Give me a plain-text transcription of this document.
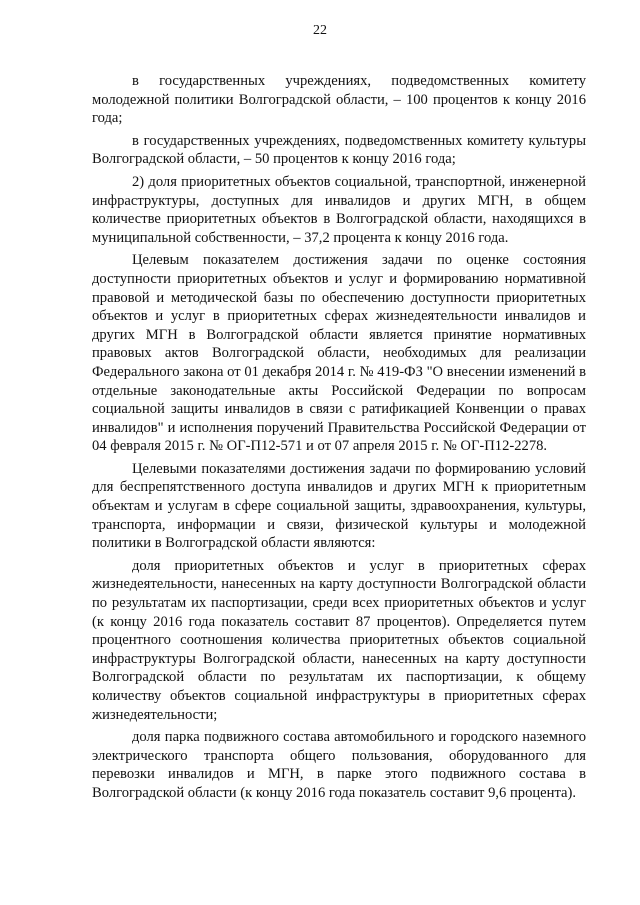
22

в государственных учреждениях, подведомственных комитету молодежной политики Волгоградской области, – 100 процентов к концу 2016 года;

в государственных учреждениях, подведомственных комитету культуры Волгоградской области, – 50 процентов к концу 2016 года;

2) доля приоритетных объектов социальной, транспортной, инженерной инфраструктуры, доступных для инвалидов и других МГН, в общем количестве приоритетных объектов в Волгоградской области, находящихся в муниципальной собственности, – 37,2 процента к концу 2016 года.

Целевым показателем достижения задачи по оценке состояния доступности приоритетных объектов и услуг и формированию нормативной правовой и методической базы по обеспечению доступности приоритетных объектов и услуг в приоритетных сферах жизнедеятельности инвалидов и других МГН в Волгоградской области является принятие нормативных правовых актов Волгоградской области, необходимых для реализации Федерального закона от 01 декабря 2014 г. № 419-ФЗ "О внесении изменений в отдельные законодательные акты Российской Федерации по вопросам социальной защиты инвалидов в связи с ратификацией Конвенции о правах инвалидов" и исполнения поручений Правительства Российской Федерации от 04 февраля 2015 г. № ОГ-П12-571 и от 07 апреля 2015 г. № ОГ-П12-2278.

Целевыми показателями достижения задачи по формированию условий для беспрепятственного доступа инвалидов и других МГН к приоритетным объектам и услугам в сфере социальной защиты, здравоохранения, культуры, транспорта, информации и связи, физической культуры и молодежной политики в Волгоградской области являются:

доля приоритетных объектов и услуг в приоритетных сферах жизнедеятельности, нанесенных на карту доступности Волгоградской области по результатам их паспортизации, среди всех приоритетных объектов и услуг (к концу 2016 года показатель составит 87 процентов). Определяется путем процентного соотношения количества приоритетных объектов социальной инфраструктуры Волгоградской области, нанесенных на карту доступности Волгоградской области по результатам их паспортизации, к общему количеству объектов социальной инфраструктуры в приоритетных сферах жизнедеятельности;

доля парка подвижного состава автомобильного и городского наземного электрического транспорта общего пользования, оборудованного для перевозки инвалидов и МГН, в парке этого подвижного состава в Волгоградской области (к концу 2016 года показатель составит 9,6 процента).
